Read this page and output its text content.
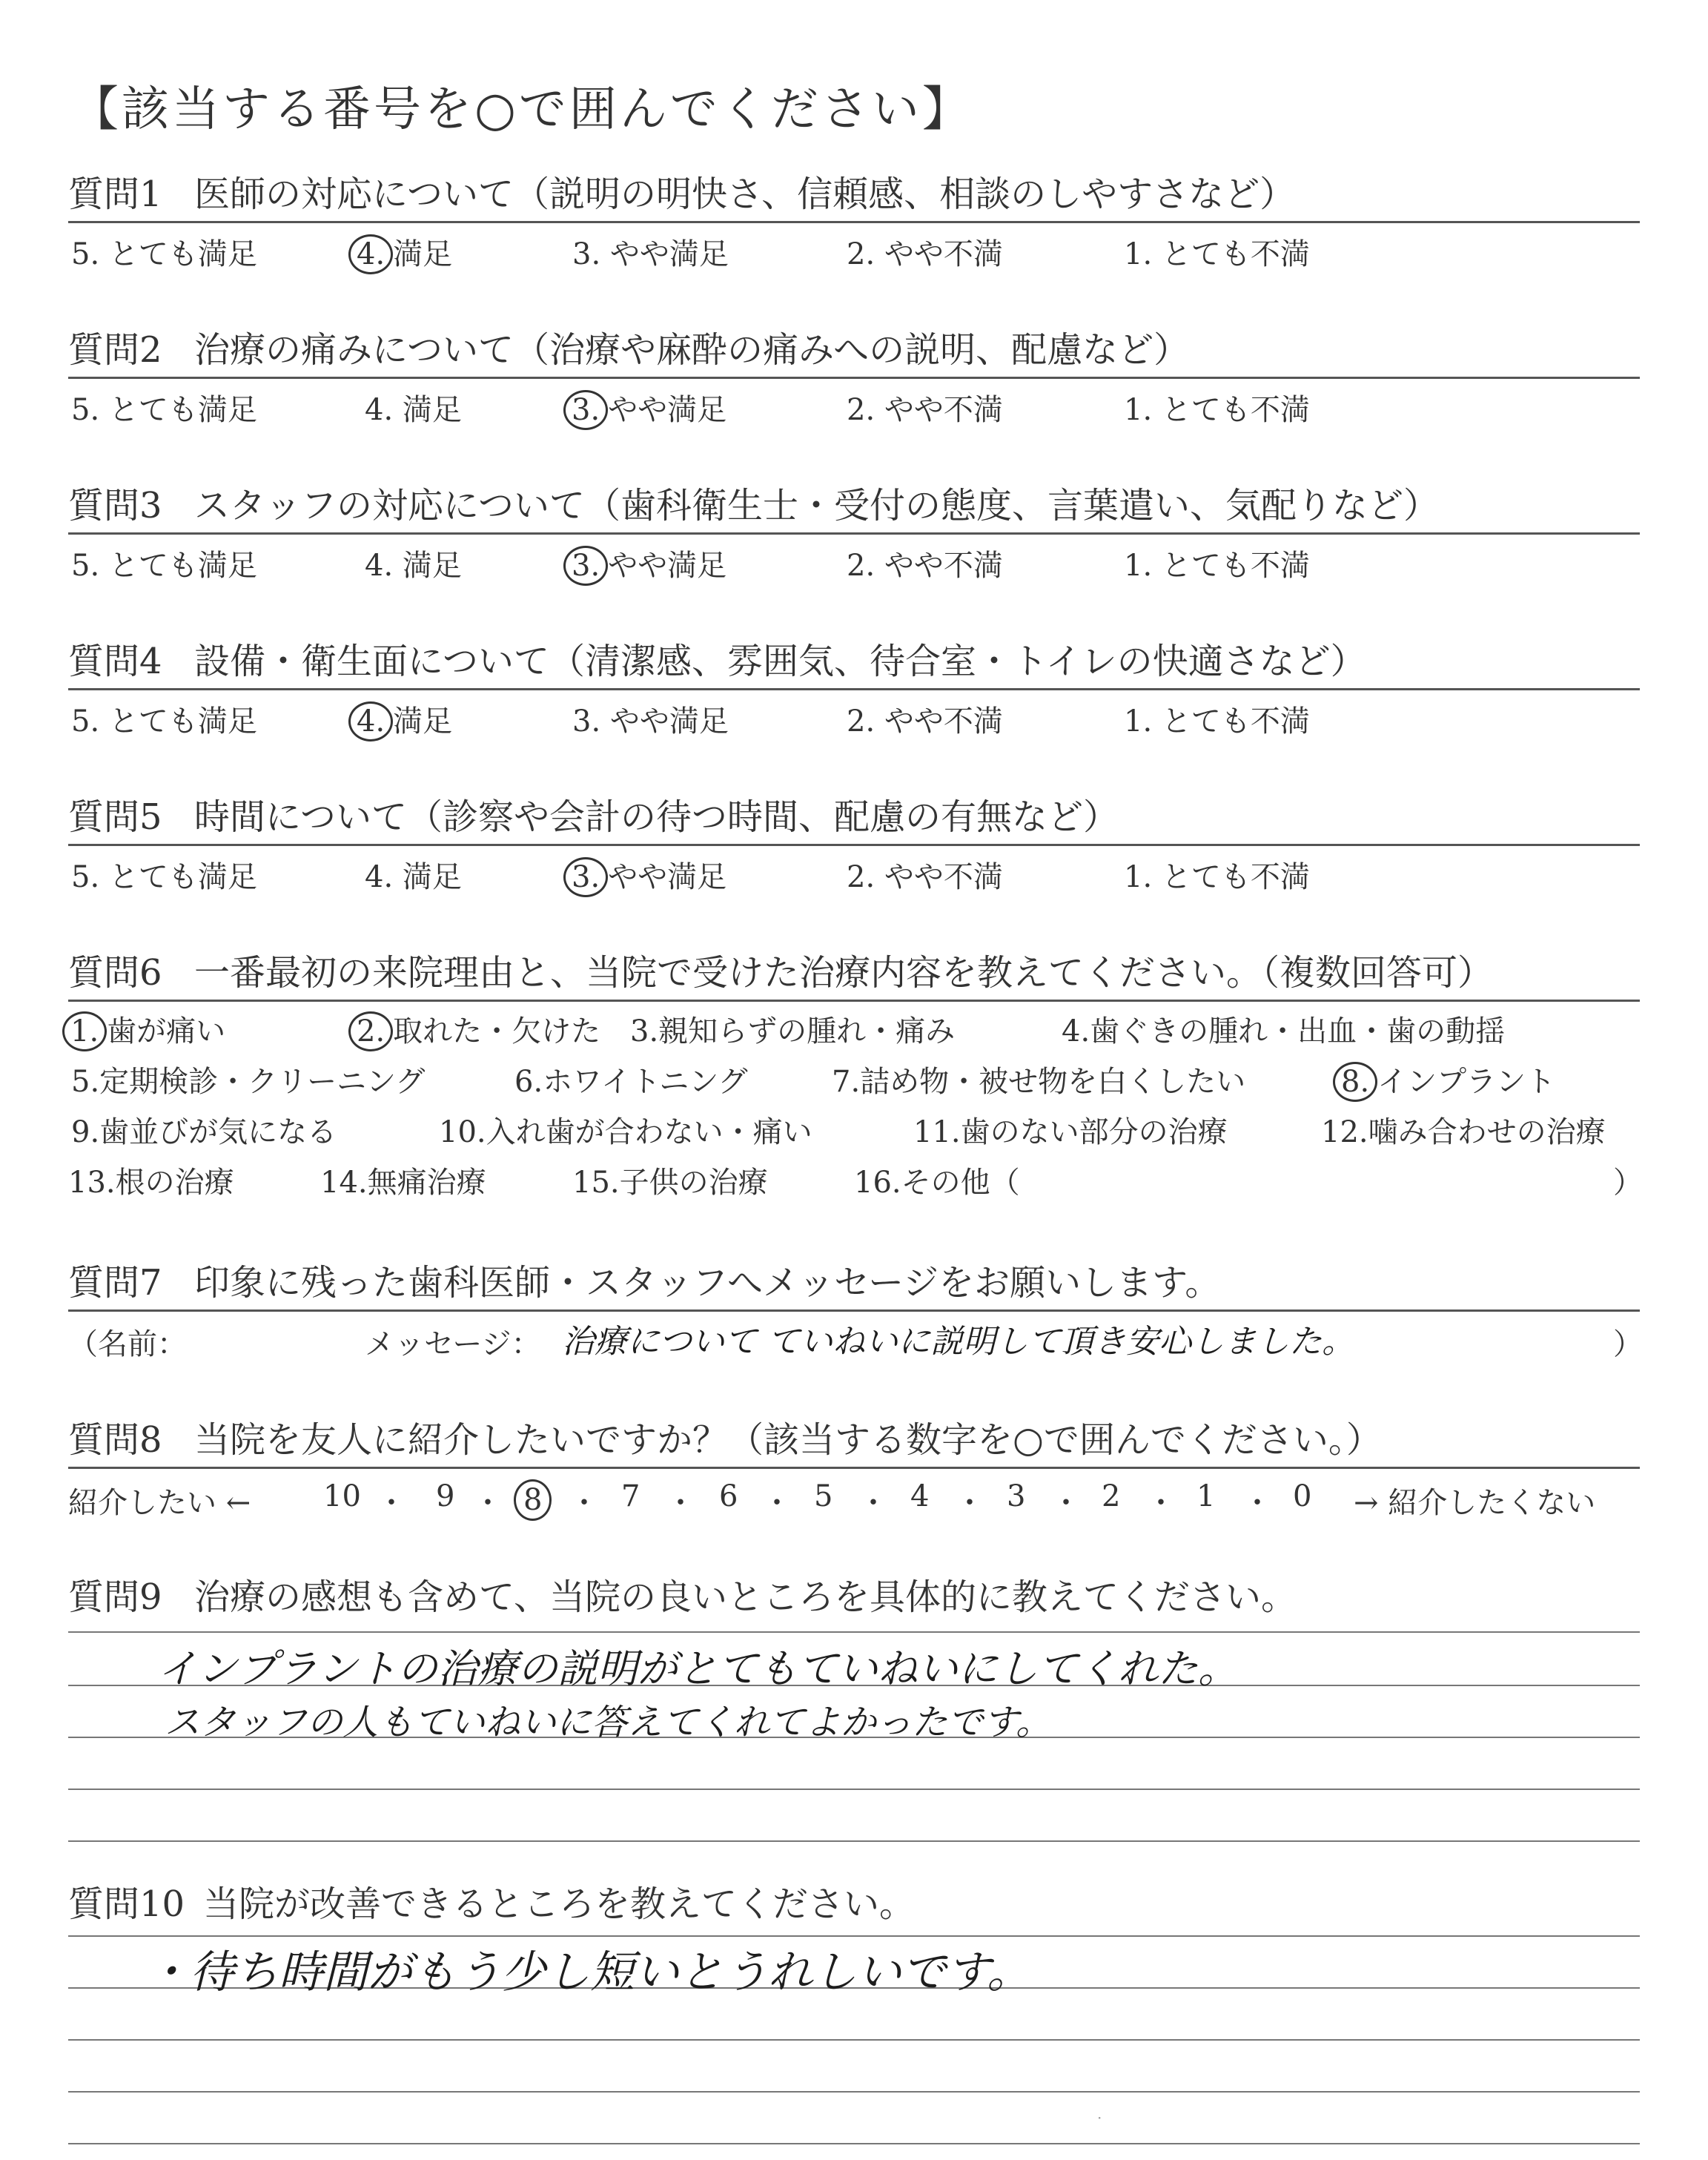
【該当する番号を○で囲んでください】
質問1 医師の対応について（説明の明快さ、信頼感、相談のしやすさなど）
5. とても満足	4. 満足	3. やや満足	2. やや不満	1. とても不満
質問2 治療の痛みについて（治療や麻酔の痛みへの説明、配慮など）
5. とても満足	4. 満足	3. やや満足	2. やや不満	1. とても不満
質問3 スタッフの対応について（歯科衛生士・受付の態度、言葉遣い、気配りなど）
5. とても満足	4. 満足	3. やや満足	2. やや不満	1. とても不満
質問4 設備・衛生面について（清潔感、雰囲気、待合室・トイレの快適さなど）
5. とても満足	4. 満足	3. やや満足	2. やや不満	1. とても不満
質問5 時間について（診察や会計の待つ時間、配慮の有無など）
5. とても満足	4. 満足	3. やや満足	2. やや不満	1. とても不満
質問6 一番最初の来院理由と、当院で受けた治療内容を教えてください。（複数回答可）
1. 歯が痛い	2. 取れた・欠けた 3.親知らずの腫れ・痛み	4.歯ぐきの腫れ・出血・歯の動揺
5.定期検診・クリーニング	6.ホワイトニング	7.詰め物・被せ物を白くしたい	8. インプラント
9.歯並びが気になる	10.入れ歯が合わない・痛い	11.歯のない部分の治療	12.噛み合わせの治療
13.根の治療	14.無痛治療	15.子供の治療	16.その他（	）
質問7 印象に残った歯科医師・スタッフへメッセージをお願いします。
（名前：	メッセージ： 治療について ていねいに説明して頂き安心しました。	）
質問8 当院を友人に紹介したいですか？（該当する数字を○で囲んでください。）
紹介したい ← 10 ・ 9 ・ 8 ・ 7 ・ 6 ・ 5 ・ 4 ・ 3 ・ 2 ・ 1 ・ 0 → 紹介したくない
質問9 治療の感想も含めて、当院の良いところを具体的に教えてください。
インプラントの治療の説明がとてもていねいにしてくれた。
スタッフの人もていねいに答えてくれてよかったです。
質問10 当院が改善できるところを教えてください。
・待ち時間がもう少し短いとうれしいです。
·
